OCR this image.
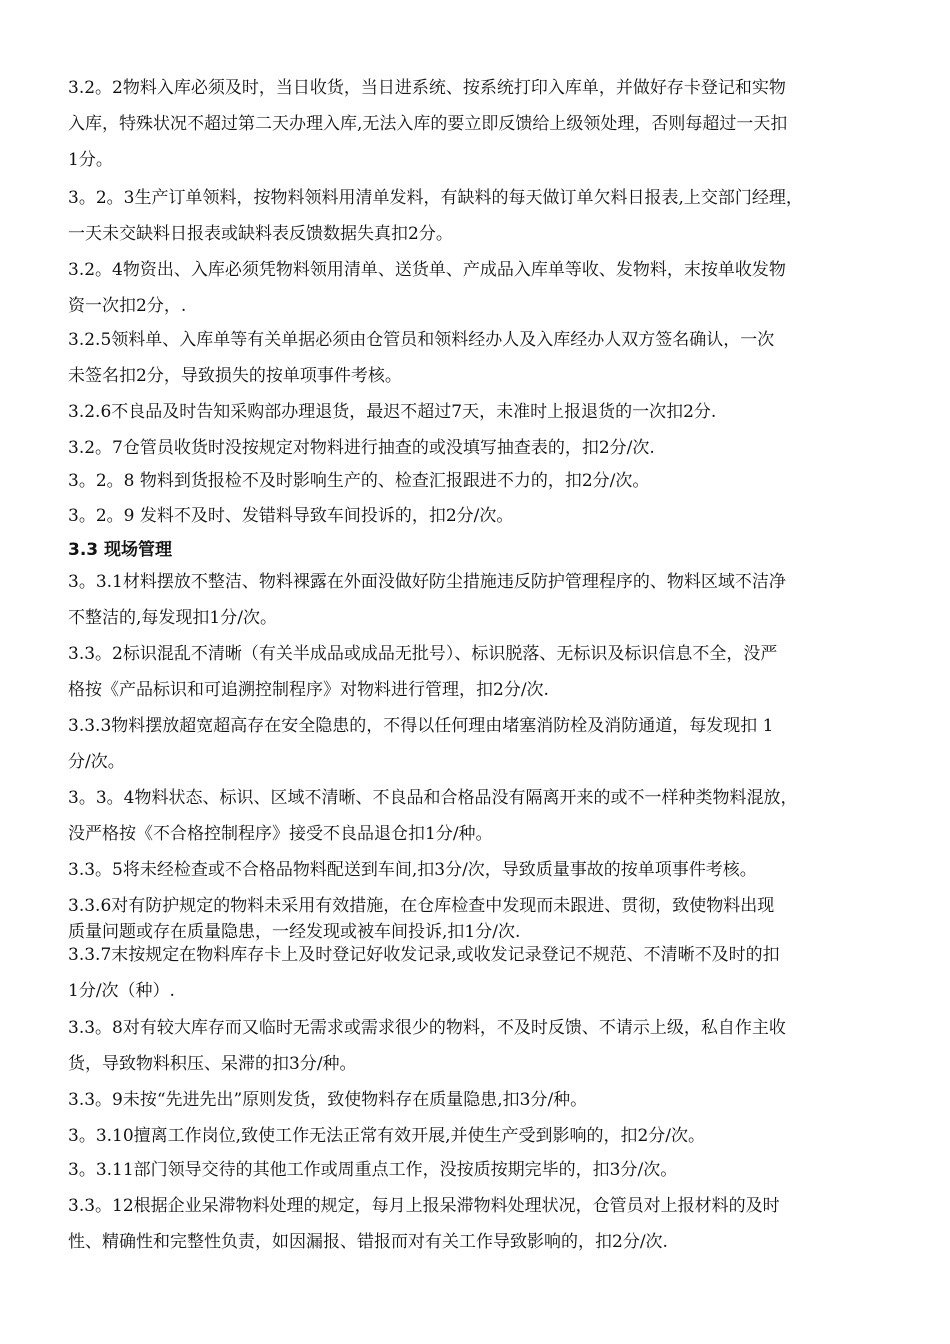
3.2。2物料入库必须及时，当日收货，当日进系统、按系统打印入库单，并做好存卡登记和实物
入库，特殊状况不超过第二天办理入库,无法入库的要立即反馈给上级领处理，否则每超过一天扣
1分。
3。2。3生产订单领料，按物料领料用清单发料，有缺料的每天做订单欠料日报表,上交部门经理，
一天未交缺料日报表或缺料表反馈数据失真扣2分。
3.2。4物资出、入库必须凭物料领用清单、送货单、产成品入库单等收、发物料，末按单收发物
资一次扣2分，.
3.2.5领料单、入库单等有关单据必须由仓管员和领料经办人及入库经办人双方签名确认，一次
未签名扣2分，导致损失的按单项事件考核。
3.2.6不良品及时告知采购部办理退货，最迟不超过7天，未准时上报退货的一次扣2分.
3.2。7仓管员收货时没按规定对物料进行抽查的或没填写抽查表的，扣2分/次.
3。2。8 物料到货报检不及时影响生产的、检查汇报跟进不力的，扣2分/次。
3。2。9 发料不及时、发错料导致车间投诉的，扣2分/次。
3.3 现场管理
3。3.1材料摆放不整洁、物料裸露在外面没做好防尘措施违反防护管理程序的、物料区域不洁净
不整洁的,每发现扣1分/次。
3.3。2标识混乱不清晰（有关半成品或成品无批号）、标识脱落、无标识及标识信息不全，没严
格按《产品标识和可追溯控制程序》对物料进行管理，扣2分/次.
3.3.3物料摆放超宽超高存在安全隐患的，不得以任何理由堵塞消防栓及消防通道，每发现扣 1
分/次。
3。3。4物料状态、标识、区域不清晰、不良品和合格品没有隔离开来的或不一样种类物料混放，
没严格按《不合格控制程序》接受不良品退仓扣1分/种。
3.3。5将未经检查或不合格品物料配送到车间,扣3分/次，导致质量事故的按单项事件考核。
3.3.6对有防护规定的物料未采用有效措施，在仓库检查中发现而未跟进、贯彻，致使物料出现
质量问题或存在质量隐患，一经发现或被车间投诉,扣1分/次.
3.3.7末按规定在物料库存卡上及时登记好收发记录,或收发记录登记不规范、不清晰不及时的扣
1分/次（种）.
3.3。8对有较大库存而又临时无需求或需求很少的物料，不及时反馈、不请示上级，私自作主收
货，导致物料积压、呆滞的扣3分/种。
3.3。9未按“先进先出”原则发货，致使物料存在质量隐患,扣3分/种。
3。3.10擅离工作岗位,致使工作无法正常有效开展,并使生产受到影响的，扣2分/次。
3。3.11部门领导交待的其他工作或周重点工作，没按质按期完毕的，扣3分/次。
3.3。12根据企业呆滞物料处理的规定，每月上报呆滞物料处理状况，仓管员对上报材料的及时
性、精确性和完整性负责，如因漏报、错报而对有关工作导致影响的，扣2分/次.
